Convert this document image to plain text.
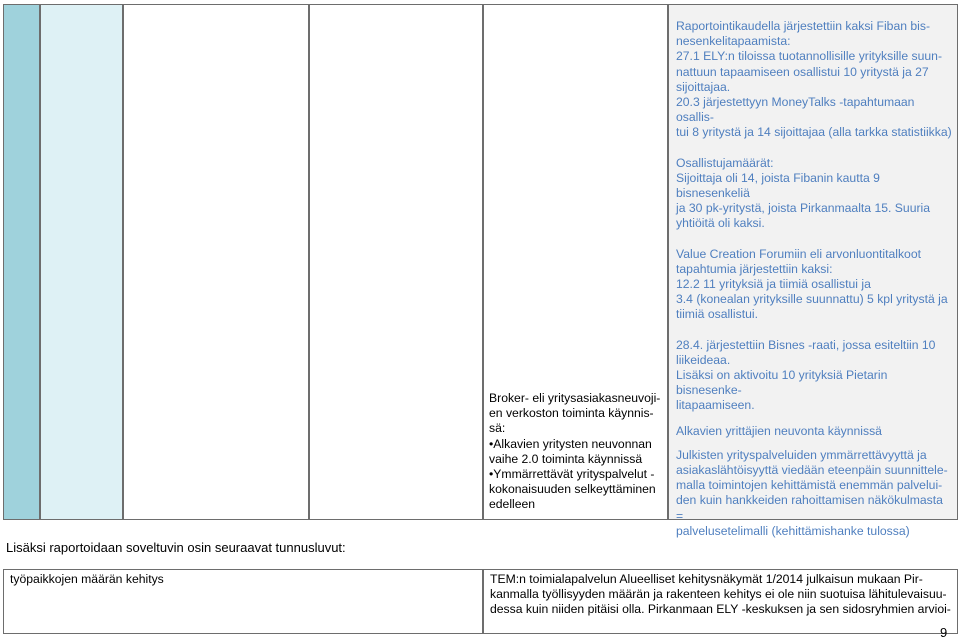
Broker- eli yritysasiakasneuvoji-
en verkoston toiminta käynnis-
sä:
• Alkavien yritysten neuvonnan
vaihe 2.0 toiminta käynnissä
• Ymmärrettävät yrityspalvelut -
kokonaisuuden selkeyttäminen
edelleen

Raportointikaudella järjestettiin kaksi Fiban bis-
nesenkelitapaamista:
27.1 ELY:n tiloissa tuotannollisille yrityksille suun-
nattuun tapaamiseen osallistui 10 yritystä ja 27
sijoittajaa.
20.3 järjestettyyn MoneyTalks -tapahtumaan osallis-
tui 8 yritystä ja 14 sijoittajaa (alla tarkka statistiikka)

Osallistujamäärät:
Sijoittaja oli 14, joista Fibanin kautta 9 bisnesenkeliä
ja 30 pk-yritystä, joista Pirkanmaalta 15. Suuria
yhtiöitä oli kaksi.

Value Creation Forumiin eli arvonluontitalkoot
tapahtumia järjestettiin kaksi:
12.2 11 yrityksiä ja tiimiä osallistui ja
3.4 (konealan yrityksille suunnattu) 5 kpl yritystä ja
tiimiä osallistui.

28.4. järjestettiin Bisnes -raati, jossa esiteltiin 10
liikeideaa.
Lisäksi on aktivoitu 10 yrityksiä Pietarin bisnesenke-
litapaamiseen.

Alkavien yrittäjien neuvonta käynnissä

Julkisten yrityspalveluiden ymmärrettävyyttä ja
asiakaslähtöisyyttä viedään eteenpäin suunnittele-
malla toimintojen kehittämistä enemmän palvelui-
den kuin hankkeiden rahoittamisen näkökulmasta =
palvelusetelimalli (kehittämishanke tulossa)

Lisäksi raportoidaan soveltuvin osin seuraavat tunnusluvut:
työpaikkojen määrän kehitys	TEM:n toimialapalvelun Alueelliset kehitysnäkymät 1/2014 julkaisun mukaan Pir-
kanmalla työllisyyden määrän ja rakenteen kehitys ei ole niin suotuisa lähitulevaisuu-
dessa kuin niiden pitäisi olla. Pirkanmaan ELY -keskuksen ja sen sidosryhmien arvioi-
9
